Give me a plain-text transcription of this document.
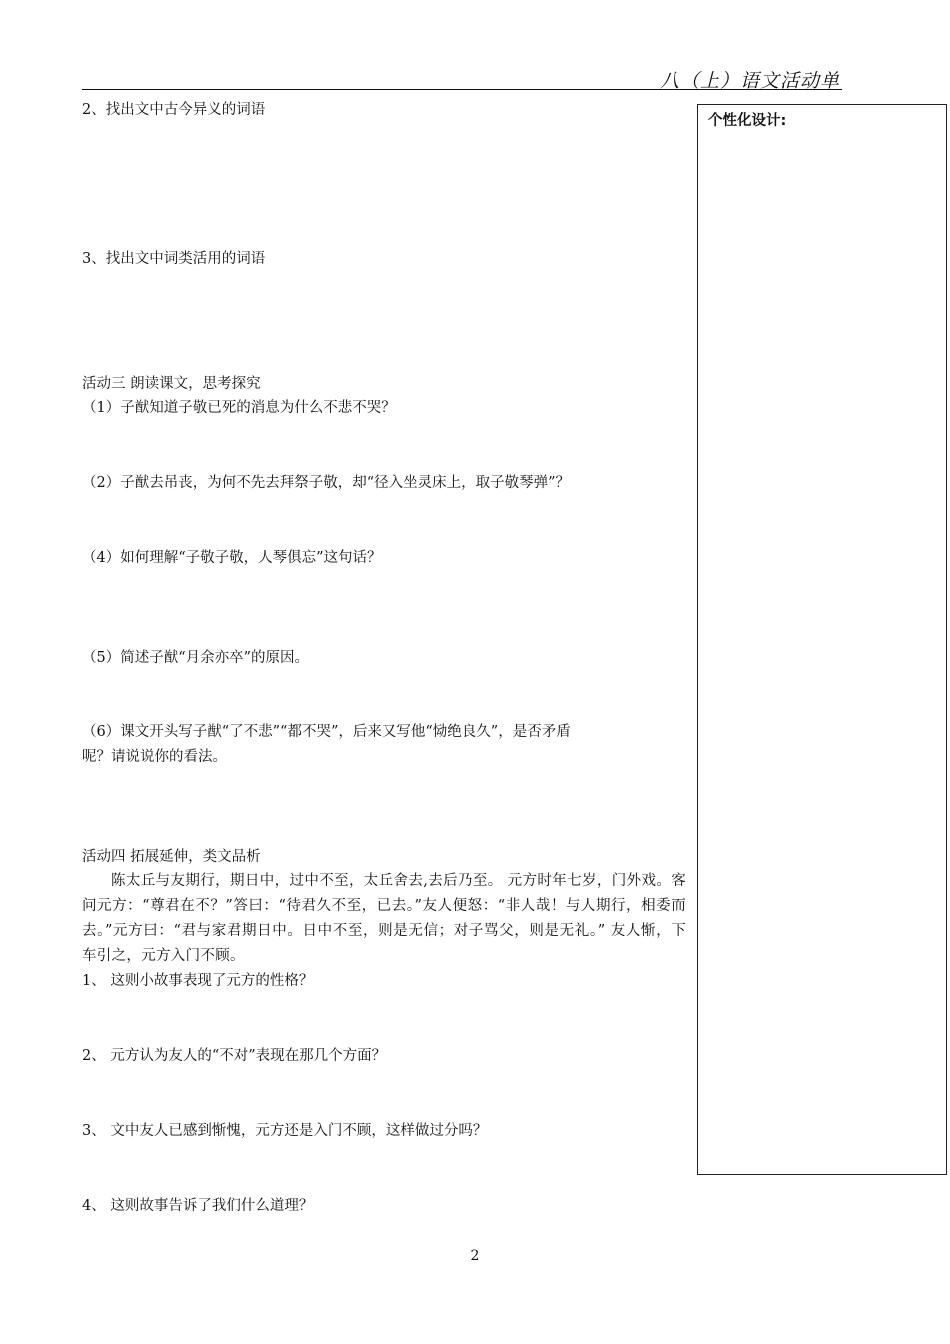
八（上）语文活动单
2、找出文中古今异义的词语
3、找出文中词类活用的词语
活动三 朗读课文，思考探究
（1）子猷知道子敬已死的消息为什么不悲不哭？
（2）子猷去吊丧，为何不先去拜祭子敬，却“径入坐灵床上，取子敬琴弹”？
（4）如何理解“子敬子敬，人琴俱忘”这句话？
（5）简述子猷“月余亦卒”的原因。
（6）课文开头写子猷“了不悲”“都不哭”，后来又写他“恸绝良久”，是否矛盾
呢？请说说你的看法。
活动四 拓展延伸，类文品析
陈太丘与友期行，期日中，过中不至，太丘舍去,去后乃至。 元方时年七岁，门外戏。客问元方：“尊君在不？”答曰：“待君久不至，已去。”友人便怒：“非人哉！与人期行，相委而去。”元方曰：“君与家君期日中。日中不至，则是无信；对子骂父，则是无礼。” 友人惭，下车引之，元方入门不顾。
1、 这则小故事表现了元方的性格？
2、 元方认为友人的“不对”表现在那几个方面？
3、 文中友人已感到惭愧，元方还是入门不顾，这样做过分吗？
4、 这则故事告诉了我们什么道理？
个性化设计:
2
